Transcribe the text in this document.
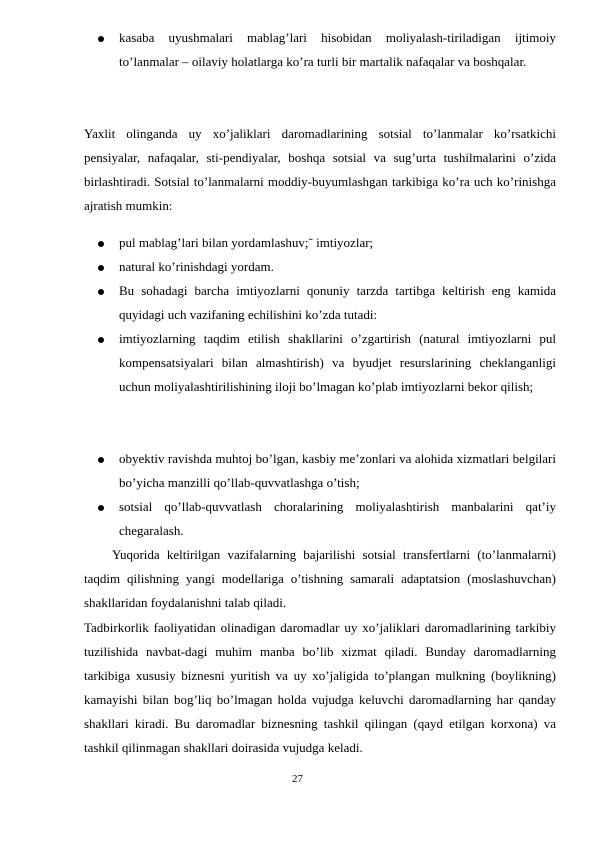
kasaba uyushmalari mablag’lari hisobidan moliyalash-tiriladigan ijtimoiy to’lanmalar – oilaviy holatlarga ko’ra turli bir martalik nafaqalar va boshqalar.
Yaxlit olinganda uy xo’jaliklari daromadlarining sotsial to’lanmalar ko’rsatkichi pensiyalar, nafaqalar, sti-pendiyalar, boshqa sotsial va sug’urta tushilmalarini o’zida birlashtiradi. Sotsial to’lanmalarni moddiy-buyumlashgan tarkibiga ko’ra uch ko’rinishga ajratish mumkin:
pul mablag’lari bilan yordamlashuv;˜ imtiyozlar;
natural ko’rinishdagi yordam.
Bu sohadagi barcha imtiyozlarni qonuniy tarzda tartibga keltirish eng kamida quyidagi uch vazifaning echilishini ko’zda tutadi:
imtiyozlarning taqdim etilish shakllarini o’zgartirish (natural imtiyozlarni pul kompensatsiyalari bilan almashtirish) va byudjet resurslarining cheklanganligi uchun moliyalashtirilishining iloji bo’lmagan ko’plab imtiyozlarni bekor qilish;
obyektiv ravishda muhtoj bo’lgan, kasbiy me’zonlari va alohida xizmatlari belgilari bo’yicha manzilli qo’llab-quvvatlashga o’tish;
sotsial qo’llab-quvvatlash choralarining moliyalashtirish manbalarini qat’iy chegaralash.
Yuqorida keltirilgan vazifalarning bajarilishi sotsial transfertlarni (to’lanmalarni) taqdim qilishning yangi modellariga o’tishning samarali adaptatsion (moslashuvchan) shakllaridan foydalanishni talab qiladi.
Tadbirkorlik faoliyatidan olinadigan daromadlar uy xo’jaliklari daromadlarining tarkibiy tuzilishida navbat-dagi muhim manba bo’lib xizmat qiladi. Bunday daromadlarning tarkibiga xususiy biznesni yuritish va uy xo’jaligida to’plangan mulkning (boylikning) kamayishi bilan bog’liq bo’lmagan holda vujudga keluvchi daromadlarning har qanday shakllari kiradi. Bu daromadlar biznesning tashkil qilingan (qayd etilgan korxona) va tashkil qilinmagan shakllari doirasida vujudga keladi.
27
